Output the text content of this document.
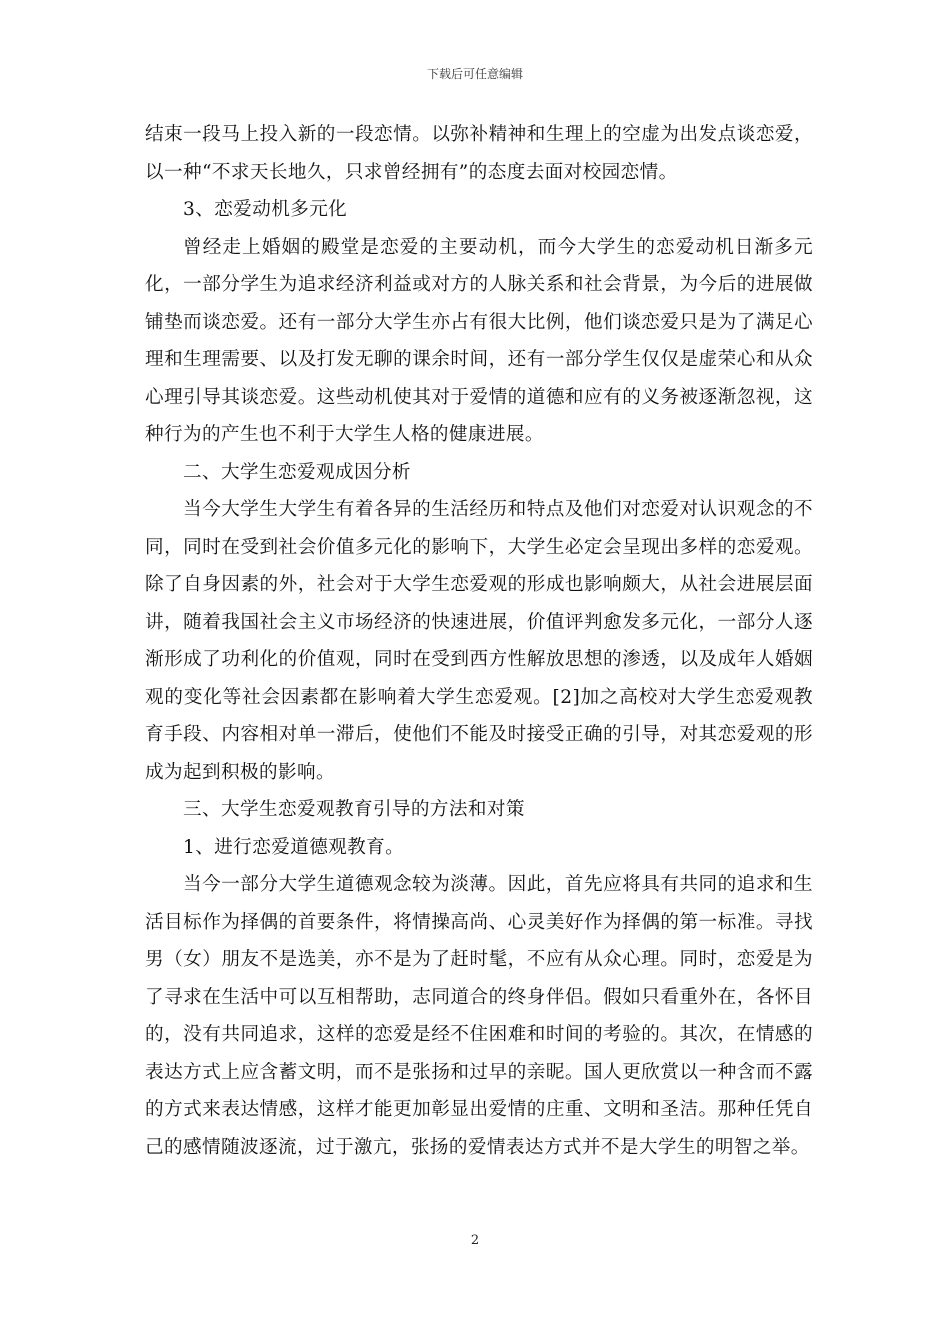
下载后可任意编辑

结束一段马上投入新的一段恋情。以弥补精神和生理上的空虚为出发点谈恋爱，以一种“不求天长地久，只求曾经拥有”的态度去面对校园恋情。

3、恋爱动机多元化

曾经走上婚姻的殿堂是恋爱的主要动机，而今大学生的恋爱动机日渐多元化，一部分学生为追求经济利益或对方的人脉关系和社会背景，为今后的进展做铺垫而谈恋爱。还有一部分大学生亦占有很大比例，他们谈恋爱只是为了满足心理和生理需要、以及打发无聊的课余时间，还有一部分学生仅仅是虚荣心和从众心理引导其谈恋爱。这些动机使其对于爱情的道德和应有的义务被逐渐忽视，这种行为的产生也不利于大学生人格的健康进展。

二、大学生恋爱观成因分析

当今大学生大学生有着各异的生活经历和特点及他们对恋爱对认识观念的不同，同时在受到社会价值多元化的影响下，大学生必定会呈现出多样的恋爱观。除了自身因素的外，社会对于大学生恋爱观的形成也影响颇大，从社会进展层面讲，随着我国社会主义市场经济的快速进展，价值评判愈发多元化，一部分人逐渐形成了功利化的价值观，同时在受到西方性解放思想的渗透，以及成年人婚姻观的变化等社会因素都在影响着大学生恋爱观。[2]加之高校对大学生恋爱观教育手段、内容相对单一滞后，使他们不能及时接受正确的引导，对其恋爱观的形成为起到积极的影响。

三、大学生恋爱观教育引导的方法和对策

1、进行恋爱道德观教育。

当今一部分大学生道德观念较为淡薄。因此，首先应将具有共同的追求和生活目标作为择偶的首要条件，将情操高尚、心灵美好作为择偶的第一标准。寻找男（女）朋友不是选美，亦不是为了赶时髦，不应有从众心理。同时，恋爱是为了寻求在生活中可以互相帮助，志同道合的终身伴侣。假如只看重外在，各怀目的，没有共同追求，这样的恋爱是经不住困难和时间的考验的。其次，在情感的表达方式上应含蓄文明，而不是张扬和过早的亲昵。国人更欣赏以一种含而不露的方式来表达情感，这样才能更加彰显出爱情的庄重、文明和圣洁。那种任凭自己的感情随波逐流，过于激亢，张扬的爱情表达方式并不是大学生的明智之举。

2
